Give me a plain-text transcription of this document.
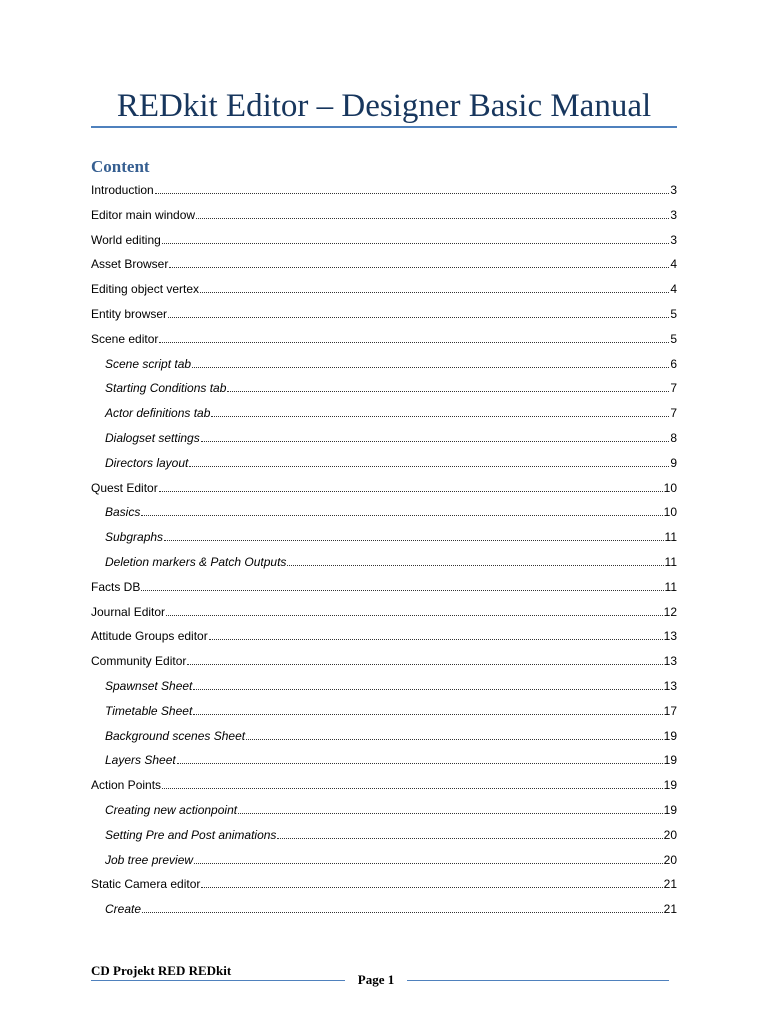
REDkit Editor – Designer Basic Manual
Content
Introduction	3
Editor main window	3
World editing	3
Asset Browser	4
Editing object vertex	4
Entity browser	5
Scene editor	5
Scene script tab	6
Starting Conditions tab	7
Actor definitions tab	7
Dialogset settings	8
Directors layout	9
Quest Editor	10
Basics	10
Subgraphs	11
Deletion markers & Patch Outputs	11
Facts DB	11
Journal Editor	12
Attitude Groups editor	13
Community Editor	13
Spawnset Sheet	13
Timetable Sheet	17
Background scenes Sheet	19
Layers Sheet	19
Action Points	19
Creating new actionpoint	19
Setting Pre and Post animations	20
Job tree preview	20
Static Camera editor	21
Create	21
CD Projekt RED REDkit
Page 1
